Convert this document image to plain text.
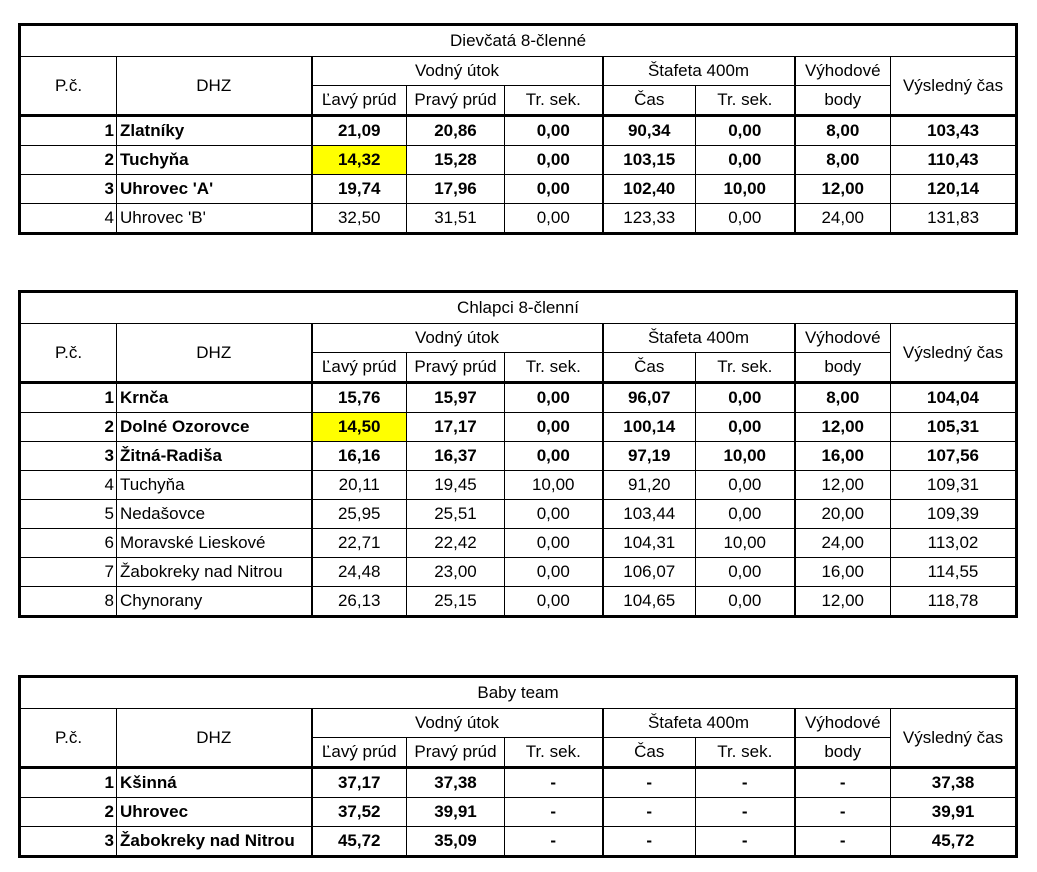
Dievčatá 8-členné								
P.č.	DHZ	Vodný útok			Štafeta 400m		Výhodové	Výsledný čas
		Ľavý prúd	Pravý prúd	Tr. sek.	Čas	Tr. sek.	body	
1	Zlatníky	21,09	20,86	0,00	90,34	0,00	8,00	103,43
2	Tuchyňa	14,32	15,28	0,00	103,15	0,00	8,00	110,43
3	Uhrovec 'A'	19,74	17,96	0,00	102,40	10,00	12,00	120,14
4	Uhrovec 'B'	32,50	31,51	0,00	123,33	0,00	24,00	131,83
Chlapci 8-členní								
P.č.	DHZ	Vodný útok			Štafeta 400m		Výhodové	Výsledný čas
		Ľavý prúd	Pravý prúd	Tr. sek.	Čas	Tr. sek.	body	
1	Krnča	15,76	15,97	0,00	96,07	0,00	8,00	104,04
2	Dolné Ozorovce	14,50	17,17	0,00	100,14	0,00	12,00	105,31
3	Žitná-Radiša	16,16	16,37	0,00	97,19	10,00	16,00	107,56
4	Tuchyňa	20,11	19,45	10,00	91,20	0,00	12,00	109,31
5	Nedašovce	25,95	25,51	0,00	103,44	0,00	20,00	109,39
6	Moravské Lieskové	22,71	22,42	0,00	104,31	10,00	24,00	113,02
7	Žabokreky nad Nitrou	24,48	23,00	0,00	106,07	0,00	16,00	114,55
8	Chynorany	26,13	25,15	0,00	104,65	0,00	12,00	118,78
Baby team								
P.č.	DHZ	Vodný útok			Štafeta 400m		Výhodové	Výsledný čas
		Ľavý prúd	Pravý prúd	Tr. sek.	Čas	Tr. sek.	body	
1	Kšinná	37,17	37,38	-	-	-	-	37,38
2	Uhrovec	37,52	39,91	-	-	-	-	39,91
3	Žabokreky nad Nitrou	45,72	35,09	-	-	-	-	45,72
